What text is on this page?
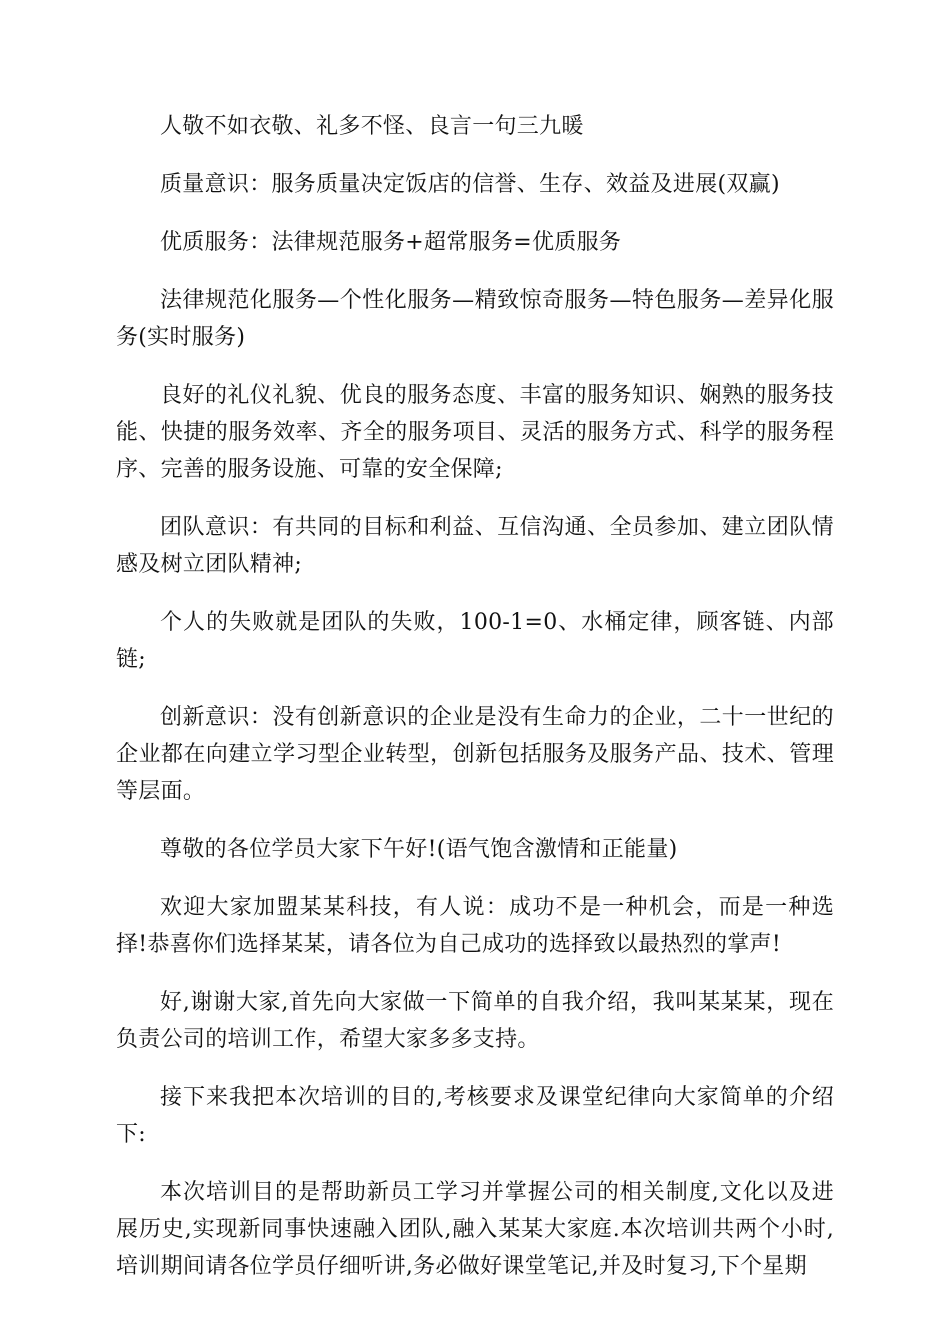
人敬不如衣敬、礼多不怪、良言一句三九暖

质量意识：服务质量决定饭店的信誉、生存、效益及进展(双赢)

优质服务：法律规范服务+超常服务=优质服务

法律规范化服务—个性化服务—精致惊奇服务—特色服务—差异化服务(实时服务)

良好的礼仪礼貌、优良的服务态度、丰富的服务知识、娴熟的服务技能、快捷的服务效率、齐全的服务项目、灵活的服务方式、科学的服务程序、完善的服务设施、可靠的安全保障;

团队意识：有共同的目标和利益、互信沟通、全员参加、建立团队情感及树立团队精神;

个人的失败就是团队的失败，100-1=0、水桶定律，顾客链、内部链;

创新意识：没有创新意识的企业是没有生命力的企业，二十一世纪的企业都在向建立学习型企业转型，创新包括服务及服务产品、技术、管理等层面。

尊敬的各位学员大家下午好!(语气饱含激情和正能量)

欢迎大家加盟某某科技，有人说：成功不是一种机会，而是一种选择!恭喜你们选择某某，请各位为自己成功的选择致以最热烈的掌声!

好,谢谢大家,首先向大家做一下简单的自我介绍，我叫某某某，现在负责公司的培训工作，希望大家多多支持。

接下来我把本次培训的目的,考核要求及课堂纪律向大家简单的介绍下:

本次培训目的是帮助新员工学习并掌握公司的相关制度,文化以及进展历史,实现新同事快速融入团队,融入某某大家庭.本次培训共两个小时,培训期间请各位学员仔细听讲,务必做好课堂笔记,并及时复习,下个星期
